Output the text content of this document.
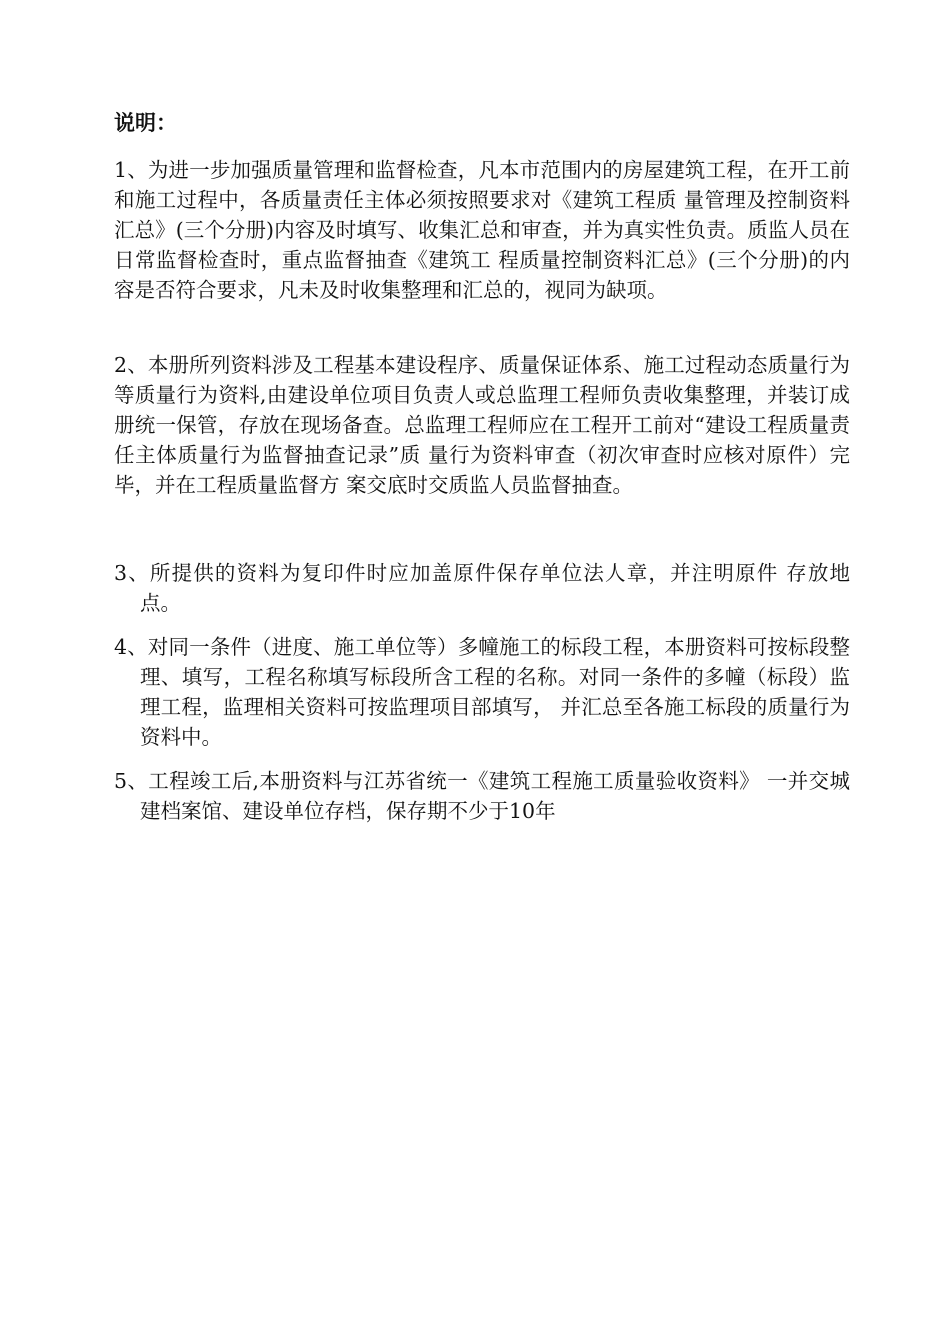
说明：

1、为进一步加强质量管理和监督检查，凡本市范围内的房屋建筑工程，在开工前和施工过程中，各质量责任主体必须按照要求对《建筑工程质 量管理及控制资料汇总》(三个分册)内容及时填写、收集汇总和审查，并为真实性负责。质监人员在日常监督检查时，重点监督抽查《建筑工 程质量控制资料汇总》(三个分册)的内容是否符合要求，凡未及时收集整理和汇总的，视同为缺项。

2、本册所列资料涉及工程基本建设程序、质量保证体系、施工过程动态质量行为等质量行为资料,由建设单位项目负责人或总监理工程师负责收集整理，并装订成册统一保管，存放在现场备查。总监理工程师应在工程开工前对“建设工程质量责任主体质量行为监督抽查记录”质 量行为资料审查（初次审查时应核对原件）完毕，并在工程质量监督方 案交底时交质监人员监督抽查。

3、所提供的资料为复印件时应加盖原件保存单位法人章，并注明原件 存放地点。

4、对同一条件（进度、施工单位等）多幢施工的标段工程，本册资料可按标段整理、填写，工程名称填写标段所含工程的名称。对同一条件的多幢（标段）监理工程，监理相关资料可按监理项目部填写， 并汇总至各施工标段的质量行为资料中。

5、工程竣工后,本册资料与江苏省统一《建筑工程施工质量验收资料》 一并交城建档案馆、建设单位存档，保存期不少于10年
